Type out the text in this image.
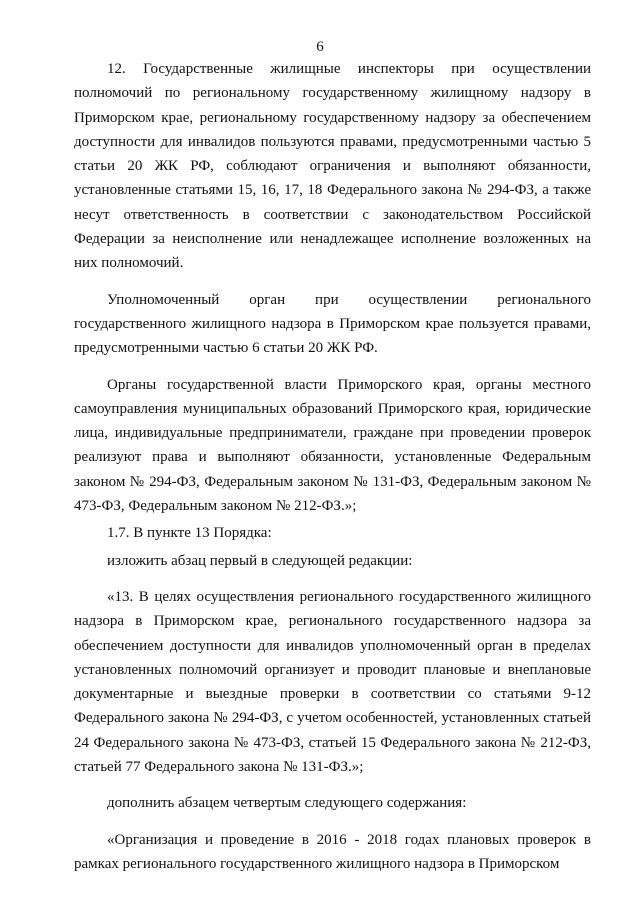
6

12. Государственные жилищные инспекторы при осуществлении полномочий по региональному государственному жилищному надзору в Приморском крае, региональному государственному надзору за обеспечением доступности для инвалидов пользуются правами, предусмотренными частью 5 статьи 20 ЖК РФ, соблюдают ограничения и выполняют обязанности, установленные статьями 15, 16, 17, 18 Федерального закона № 294-ФЗ, а также несут ответственность в соответствии с законодательством Российской Федерации за неисполнение или ненадлежащее исполнение возложенных на них полномочий.

Уполномоченный орган при осуществлении регионального государственного жилищного надзора в Приморском крае пользуется правами, предусмотренными частью 6 статьи 20 ЖК РФ.

Органы государственной власти Приморского края, органы местного самоуправления муниципальных образований Приморского края, юридические лица, индивидуальные предприниматели, граждане при проведении проверок реализуют права и выполняют обязанности, установленные Федеральным законом № 294-ФЗ, Федеральным законом № 131-ФЗ, Федеральным законом № 473-ФЗ, Федеральным законом № 212-ФЗ.»;

1.7. В пункте 13 Порядка:

изложить абзац первый в следующей редакции:

«13. В целях осуществления регионального государственного жилищного надзора в Приморском крае, регионального государственного надзора за обеспечением доступности для инвалидов уполномоченный орган в пределах установленных полномочий организует и проводит плановые и внеплановые документарные и выездные проверки в соответствии со статьями 9-12 Федерального закона № 294-ФЗ, с учетом особенностей, установленных статьей 24 Федерального закона № 473-ФЗ, статьей 15 Федерального закона № 212-ФЗ, статьей 77 Федерального закона № 131-ФЗ.»;

дополнить абзацем четвертым следующего содержания:

«Организация и проведение в 2016 - 2018 годах плановых проверок в рамках регионального государственного жилищного надзора в Приморском
